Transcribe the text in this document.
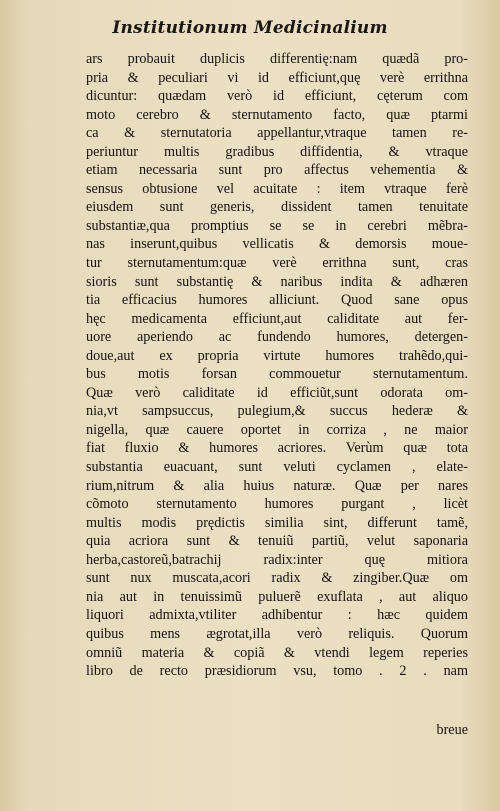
Institutionum Medicinalium
ars probauit duplicis differentię:nam quædã pro-
pria & peculiari vi id efficiunt,quę verè errithna
dicuntur: quædam verò id efficiunt, cęterum com
moto cerebro & sternutamento facto, quæ ptarmi
ca & sternutatoria appellantur,vtraque tamen re-
periuntur multis gradibus diffidentia, & vtraque
etiam necessaria sunt pro affectus vehementia &
sensus obtusione vel acuitate : item vtraque ferè
eiusdem sunt generis, dissident tamen tenuitate
substantiæ,qua promptius se se in cerebri mẽbra-
nas inserunt,quibus vellicatis & demorsis moue-
tur sternutamentum:quæ verè errithna sunt, cras
sioris sunt substantię & naribus indita & adhæren
tia efficacius humores alliciunt. Quod sane opus
hęc medicamenta efficiunt,aut caliditate aut fer-
uore aperiendo ac fundendo humores, detergen-
doue,aut ex propria virtute humores trahẽdo,qui-
bus motis forsan commouetur sternutamentum.
Quæ verò caliditate id efficiũt,sunt odorata om-
nia,vt sampsuccus, pulegium,& succus hederæ &
nigella, quæ cauere oportet in corriza , ne maior
fiat fluxio & humores acriores. Verùm quæ tota
substantia euacuant, sunt veluti cyclamen , elate-
rium,nitrum & alia huius naturæ. Quæ per nares
cõmoto sternutamento humores purgant , licèt
multis modis prędictis similia sint, differunt tamẽ,
quia acriora sunt & tenuiũ partiũ, velut saponaria
herba,castoreũ,batrachij radix:inter quę mitiora
sunt nux muscata,acori radix & zingiber.Quæ om
nia aut in tenuissimũ puluerẽ exuflata , aut aliquo
liquori admixta,vtiliter adhibentur : hæc quidem
quibus mens ægrotat,illa verò reliquis. Quorum
omniũ materia & copiã & vtendi legem reperies
libro de recto præsidiorum vsu, tomo . 2 . nam
breue
